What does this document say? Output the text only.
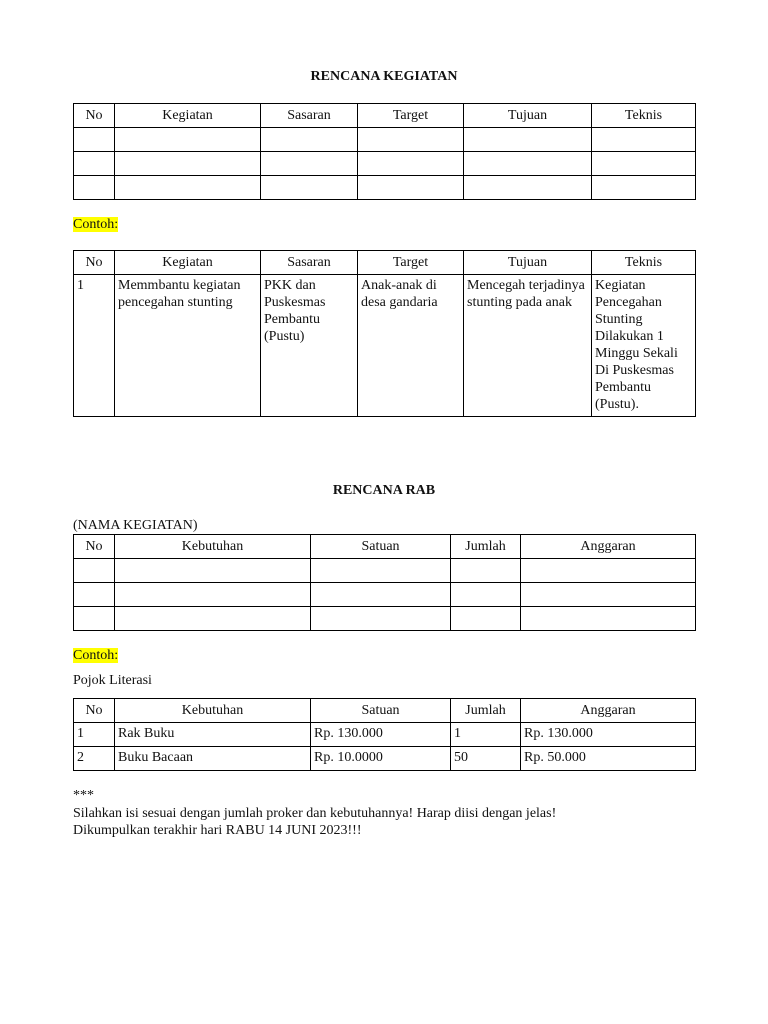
RENCANA KEGIATAN
No	Kegiatan	Sasaran	Target	Tujuan	Teknis

Contoh:
No	Kegiatan	Sasaran	Target	Tujuan	Teknis
1	Memmbantu kegiatan pencegahan stunting	PKK dan Puskesmas Pembantu (Pustu)	Anak-anak di desa gandaria	Mencegah terjadinya stunting pada anak	Kegiatan Pencegahan Stunting Dilakukan 1 Minggu Sekali Di Puskesmas Pembantu (Pustu).
RENCANA RAB
(NAMA KEGIATAN)
No	Kebutuhan	Satuan	Jumlah	Anggaran

Contoh:
Pojok Literasi
No	Kebutuhan	Satuan	Jumlah	Anggaran
1	Rak Buku	Rp. 130.000	1	Rp. 130.000
2	Buku Bacaan	Rp. 10.0000	50	Rp. 50.000
***
Silahkan isi sesuai dengan jumlah proker dan kebutuhannya! Harap diisi dengan jelas!
Dikumpulkan terakhir hari RABU 14 JUNI 2023!!!
